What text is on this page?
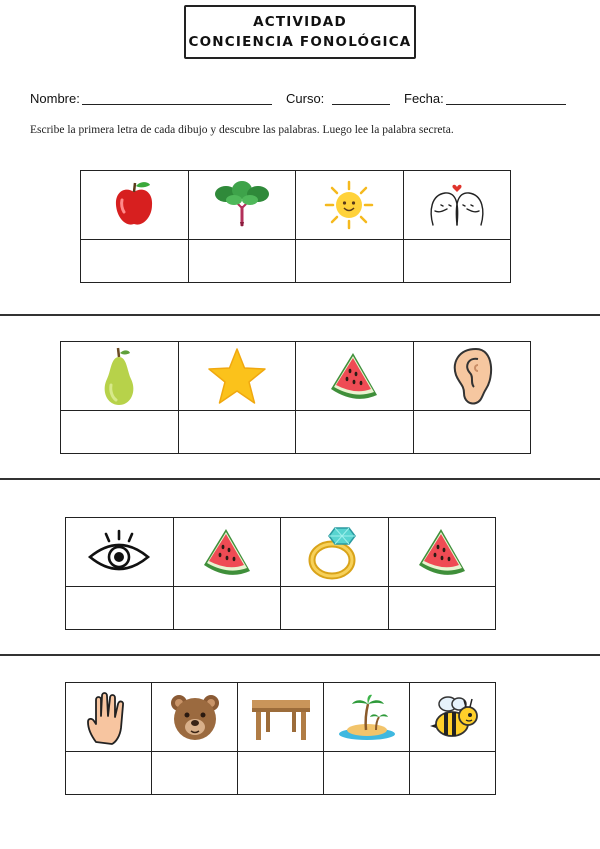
ACTIVIDAD
CONCIENCIA FONOLÓGICA
Nombre:	Curso:	Fecha:
Escribe la primera letra de cada dibujo y descubre las palabras. Luego lee la palabra secreta.
